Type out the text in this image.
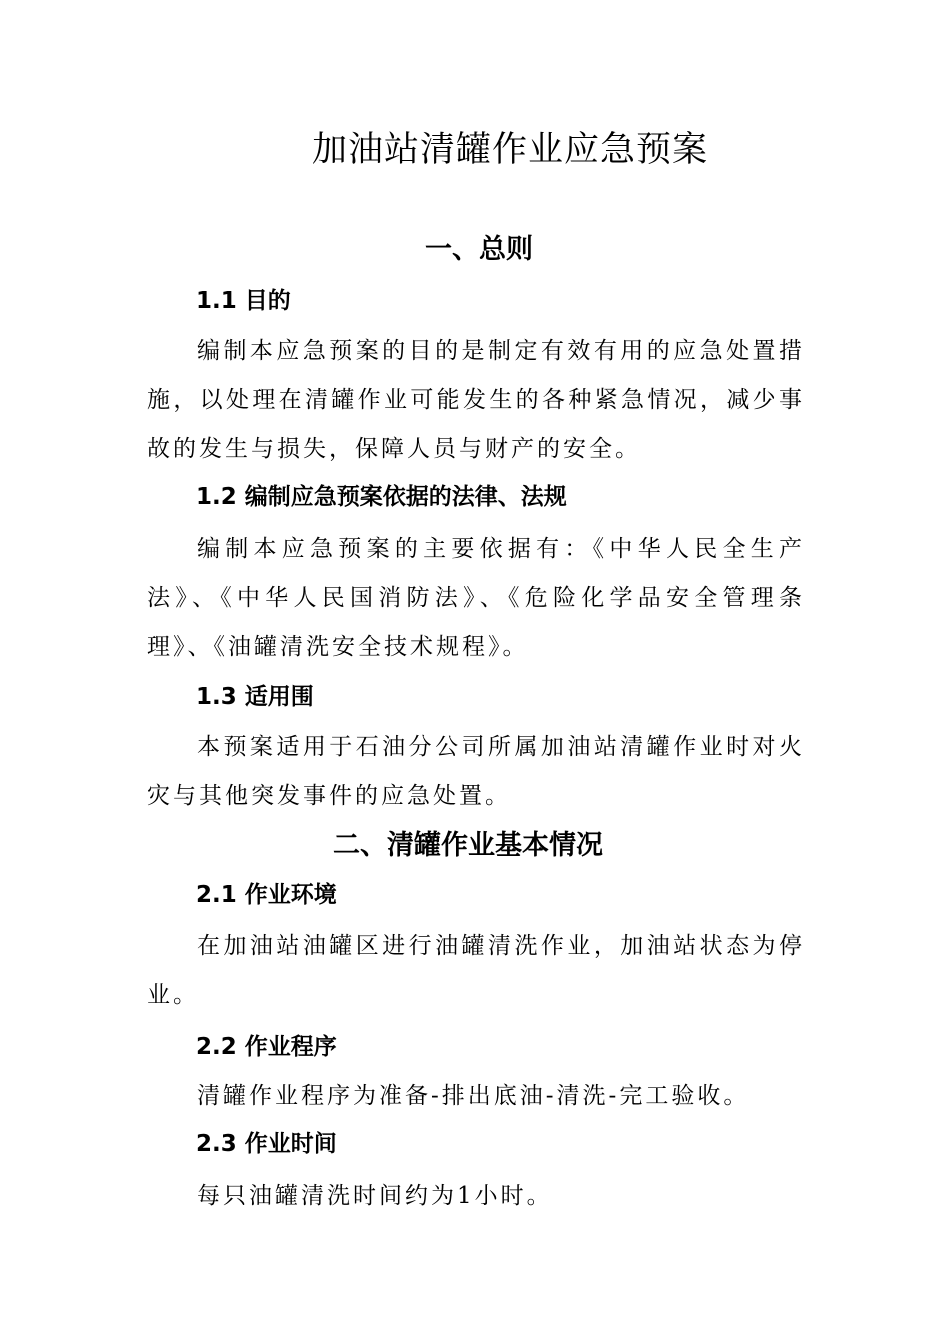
加油站清罐作业应急预案
一、总则
1.1 目的

编制本应急预案的目的是制定有效有用的应急处置措施，以处理在清罐作业可能发生的各种紧急情况，减少事故的发生与损失，保障人员与财产的安全。

1.2 编制应急预案依据的法律、法规

编制本应急预案的主要依据有：《中华人民全生产法》、《中华人民国消防法》、《危险化学品安全管理条理》、《油罐清洗安全技术规程》。

1.3 适用围

本预案适用于石油分公司所属加油站清罐作业时对火灾与其他突发事件的应急处置。

二、清罐作业基本情况
2.1 作业环境

在加油站油罐区进行油罐清洗作业，加油站状态为停业。

2.2 作业程序

清罐作业程序为准备-排出底油-清洗-完工验收。

2.3 作业时间

每只油罐清洗时间约为1小时。
